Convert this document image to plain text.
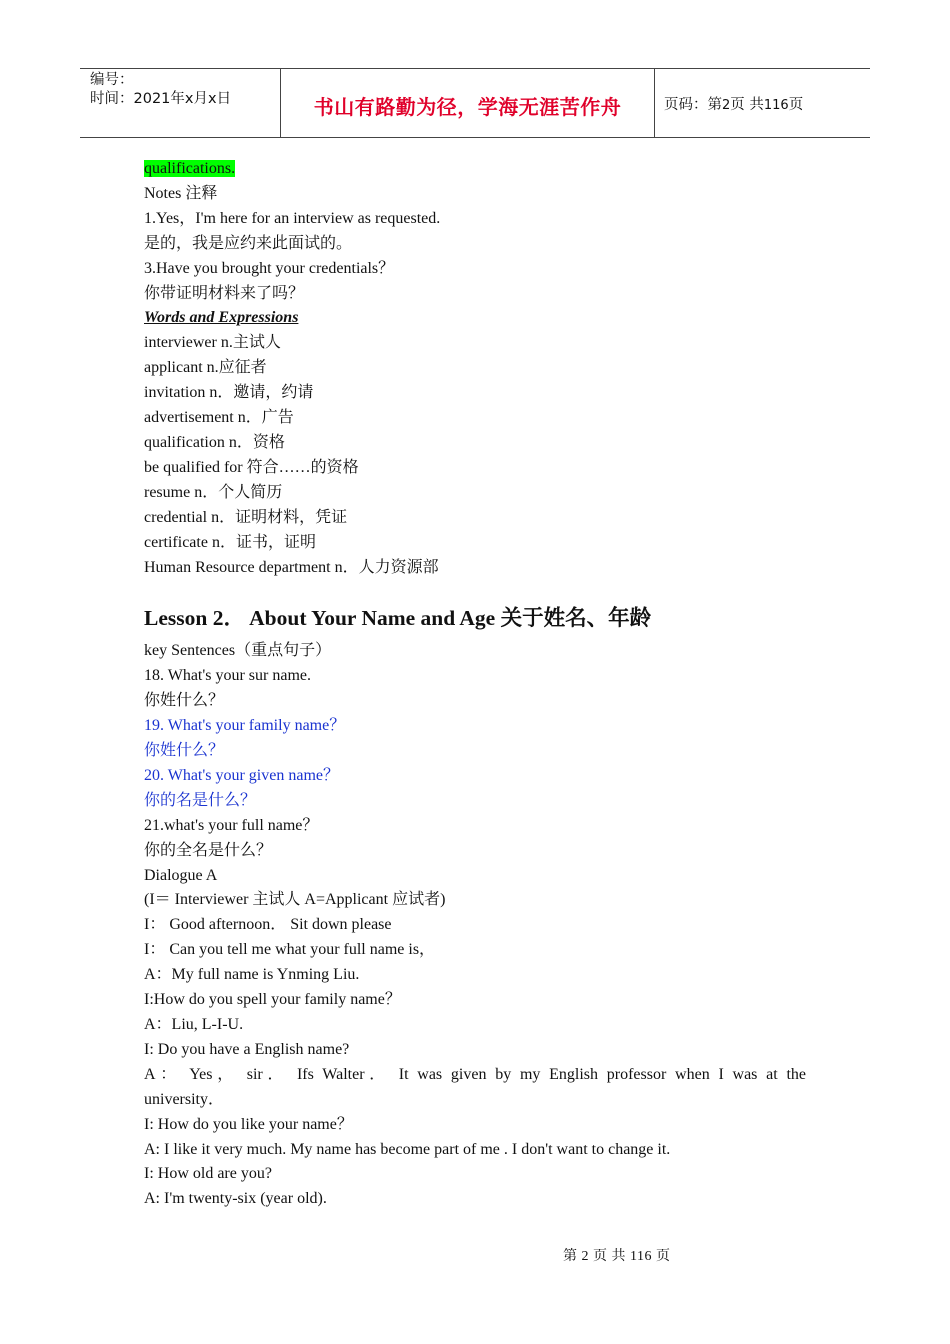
编号：
时间：2021年x月x日	书山有路勤为径，学海无涯苦作舟	页码：第2页 共116页
qualifications.
Notes 注释
1.Yes，I'm here for an interview as requested.
是的，我是应约来此面试的。
3.Have you brought your credentials？
你带证明材料来了吗？
Words and Expressions
interviewer n.主试人
applicant n.应征者
invitation n．邀请，约请
advertisement n．广告
qualification n．资格
be qualified for 符合……的资格
resume n．个人简历
credential n．证明材料，凭证
certificate n．证书，证明
Human Resource department n．人力资源部
Lesson 2． About Your Name and Age 关于姓名、年龄
key Sentences（重点句子）
18. What's your sur name.
你姓什么？
19. What's your family name？
你姓什么？
20. What's your given name？
你的名是什么？
21.what's your full name？
你的全名是什么？
Dialogue A
(I＝ Interviewer 主试人 A=Applicant 应试者)
I： Good afternoon． Sit down please
I： Can you tell me what your full name is，
A：My full name is Ynming Liu.
I:How do you spell your family name？
A：Liu, L-I-U.
I: Do you have a English name?
A： Yes， sir． Ifs Walter． It was given by my English professor when I was at the
university．
I: How do you like your name？
A: I like it very much. My name has become part of me . I don't want to change it.
I: How old are you?
A: I'm twenty-six (year old).
第 2 页 共 116 页
